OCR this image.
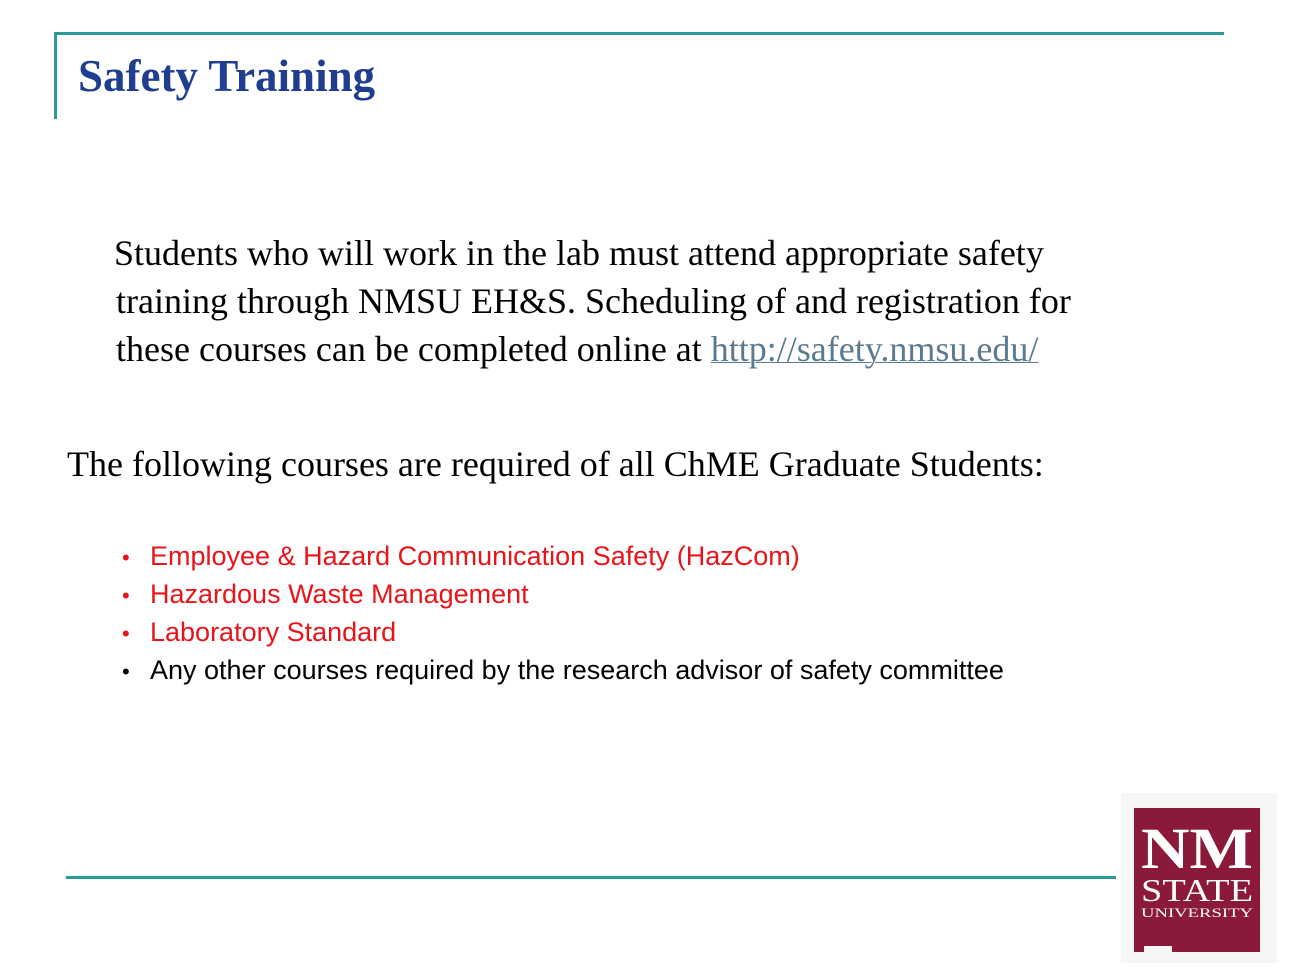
Safety Training

Students who will work in the lab must attend appropriate safety
training through NMSU EH&S. Scheduling of and registration for
these courses can be completed online at http://safety.nmsu.edu/

The following courses are required of all ChME Graduate Students:

• Employee & Hazard Communication Safety (HazCom)
• Hazardous Waste Management
• Laboratory Standard
• Any other courses required by the research advisor of safety committee
NM
STATE
UNIVERSITY
